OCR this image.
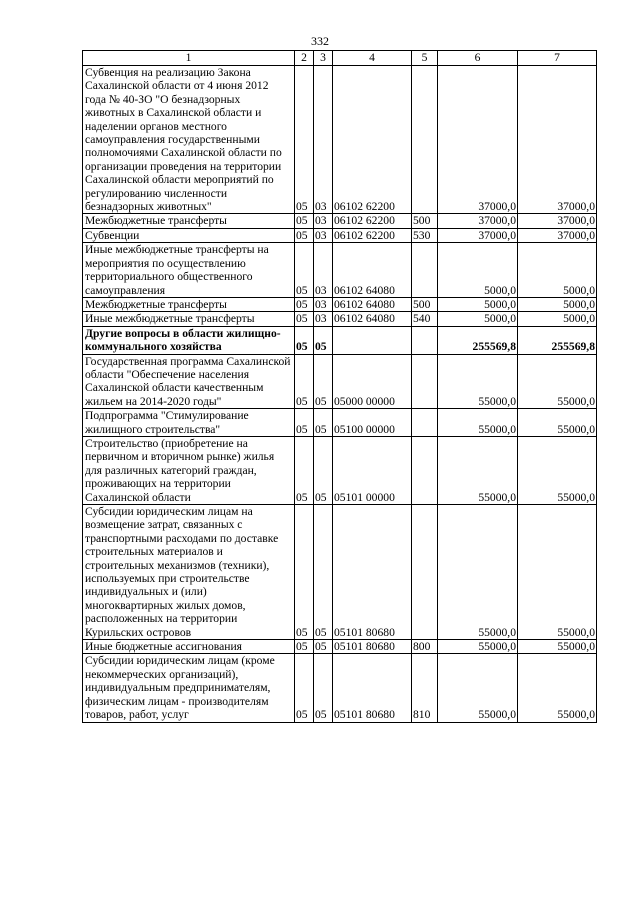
332
1	2	3	4	5	6	7
Субвенция на реализацию Закона Сахалинской области от 4 июня 2012 года № 40-ЗО "О безнадзорных животных в Сахалинской области и наделении органов местного самоуправления государственными полномочиями Сахалинской области по организации проведения на территории Сахалинской области мероприятий по регулированию численности безнадзорных животных"	05	03	06102 62200		37000,0	37000,0
Межбюджетные трансферты	05	03	06102 62200	500	37000,0	37000,0
Субвенции	05	03	06102 62200	530	37000,0	37000,0
Иные межбюджетные трансферты на мероприятия по осуществлению территориального общественного самоуправления	05	03	06102 64080		5000,0	5000,0
Межбюджетные трансферты	05	03	06102 64080	500	5000,0	5000,0
Иные межбюджетные трансферты	05	03	06102 64080	540	5000,0	5000,0
Другие вопросы в области жилищно-коммунального хозяйства	05	05			255569,8	255569,8
Государственная программа Сахалинской области "Обеспечение населения Сахалинской области качественным жильем на 2014-2020 годы"	05	05	05000 00000		55000,0	55000,0
Подпрограмма "Стимулирование жилищного строительства"	05	05	05100 00000		55000,0	55000,0
Строительство (приобретение на первичном и вторичном рынке) жилья для различных категорий граждан, проживающих на территории Сахалинской области	05	05	05101 00000		55000,0	55000,0
Субсидии юридическим лицам на возмещение затрат, связанных с транспортными расходами по доставке строительных материалов и строительных механизмов (техники), используемых при строительстве индивидуальных и (или) многоквартирных жилых домов, расположенных на территории Курильских островов	05	05	05101 80680		55000,0	55000,0
Иные бюджетные ассигнования	05	05	05101 80680	800	55000,0	55000,0
Субсидии юридическим лицам (кроме некоммерческих организаций), индивидуальным предпринимателям, физическим лицам - производителям товаров, работ, услуг	05	05	05101 80680	810	55000,0	55000,0
